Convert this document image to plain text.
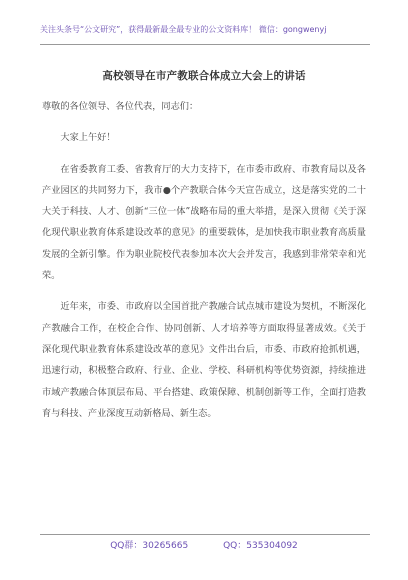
关注头条号“公文研究”，获得最新最全最专业的公文资料库！ 微信：gongwenyj
高校领导在市产教联合体成立大会上的讲话

尊敬的各位领导、各位代表，同志们：

大家上午好！

在省委教育工委、省教育厅的大力支持下，在市委市政府、市教育局以及各产业园区的共同努力下，我市●个产教联合体今天宣告成立，这是落实党的二十大关于科技、人才、创新“三位一体”战略布局的重大举措，是深入贯彻《关于深化现代职业教育体系建设改革的意见》的重要载体，是加快我市职业教育高质量发展的全新引擎。作为职业院校代表参加本次大会并发言，我感到非常荣幸和光荣。

近年来，市委、市政府以全国首批产教融合试点城市建设为契机，不断深化产教融合工作，在校企合作、协同创新、人才培养等方面取得显著成效。《关于深化现代职业教育体系建设改革的意见》文件出台后，市委、市政府抢抓机遇，迅速行动，积极整合政府、行业、企业、学校、科研机构等优势资源，持续推进市域产教融合体顶层布局、平台搭建、政策保障、机制创新等工作，全面打造教育与科技、产业深度互动新格局、新生态。

QQ群：30265665	QQ：535304092
